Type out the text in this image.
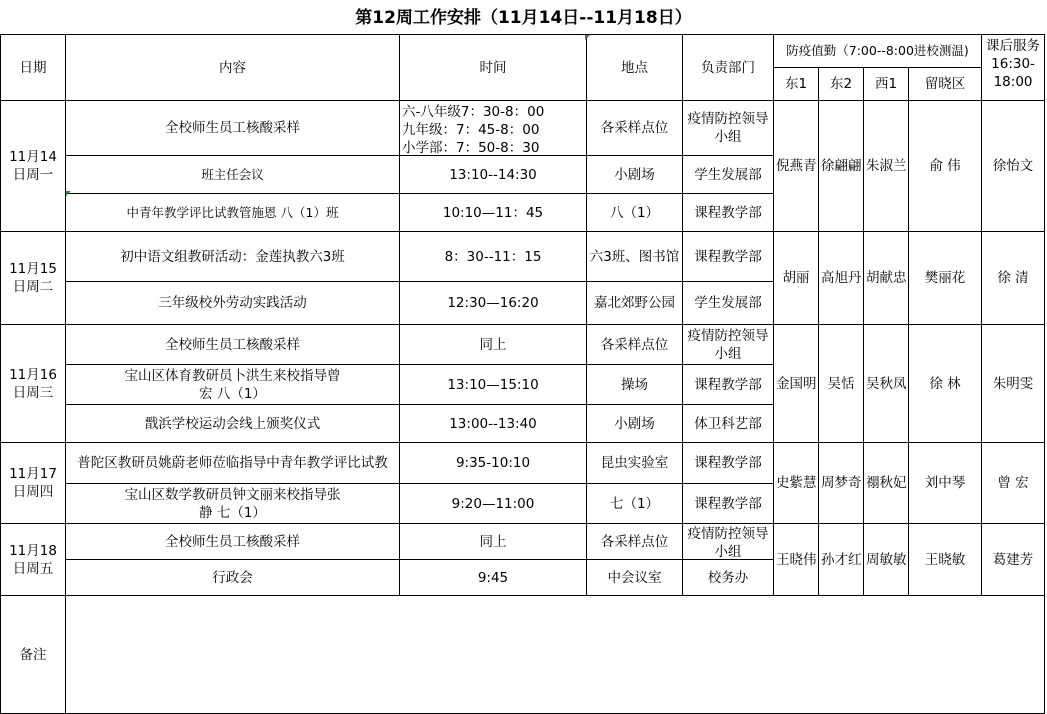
第12周工作安排（11月14日--11月18日）
日期	内容	时间	地点	负责部门	防疫值勤（7:00--8:00进校测温)				课后服务16:30-18:00

					东1	东2	西1	留晓区	
11月14日周一	全校师生员工核酸采样	六-八年级7：30-8：00
九年级：7：45-8：00
小学部：7：50-8：30	各采样点位	疫情防控领导小组	倪燕青	徐翩翩	朱淑兰	俞 伟	徐怡文
	班主任会议	13:10--14:30	小剧场	学生发展部					
	中青年教学评比试教管施恩 八（1）班	10:10—11：45	八（1）	课程教学部					
11月15日周二	初中语文组教研活动：金莲执教六3班	8：30--11：15	六3班、图书馆	课程教学部	胡丽	高旭丹	胡献忠	樊丽花	徐 清
	三年级校外劳动实践活动	12:30—16:20	嘉北郊野公园	学生发展部					
11月16日周三	全校师生员工核酸采样	同上	各采样点位	疫情防控领导小组	金国明	吴恬	吴秋凤	徐 林	朱明雯
	宝山区体育教研员卜洪生来校指导曾宏 八（1）	13:10—15:10	操场	课程教学部					
	戬浜学校运动会线上颁奖仪式	13:00--13:40	小剧场	体卫科艺部					
11月17日周四	普陀区教研员姚蔚老师莅临指导中青年教学评比试教	9:35-10:10	昆虫实验室	课程教学部	史紫慧	周梦奇	禤秋妃	刘中琴	曾 宏
	宝山区数学教研员钟文丽来校指导张静 七（1）	9:20—11:00	七（1）	课程教学部					
11月18日周五	全校师生员工核酸采样	同上	各采样点位	疫情防控领导小组	王晓伟	孙才红	周敏敏	王晓敏	葛建芳
	行政会	9:45	中会议室	校务办					
备注									
